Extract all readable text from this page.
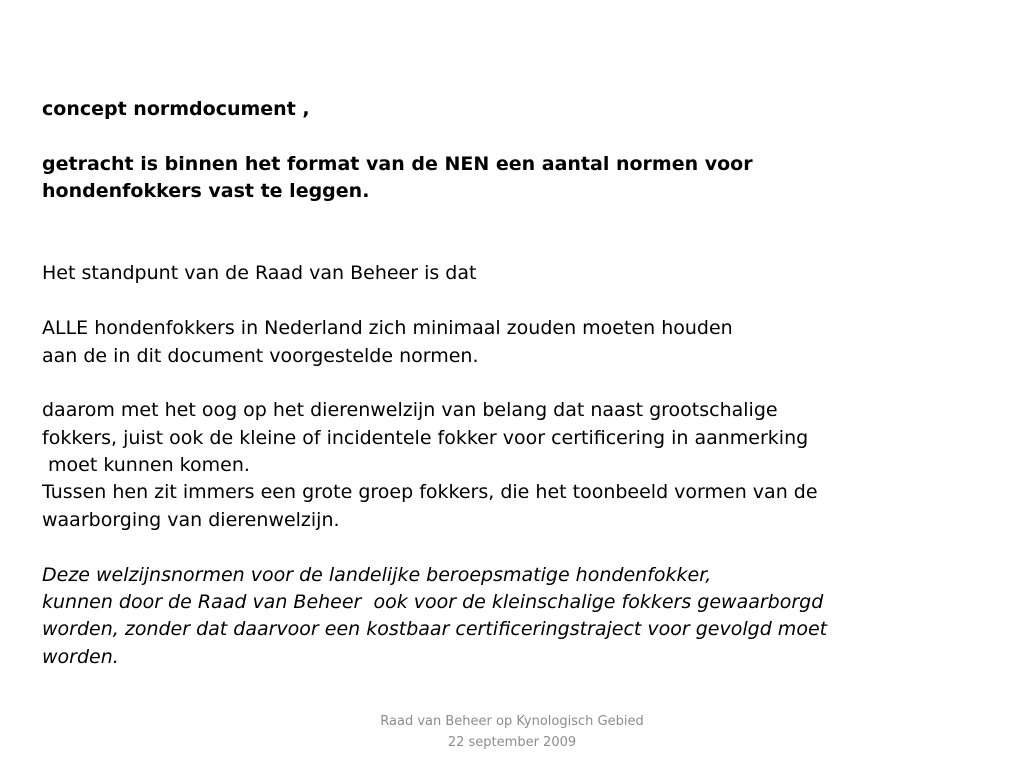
concept normdocument ,
getracht is binnen het format van de NEN een aantal normen voor
hondenfokkers vast te leggen.
Het standpunt van de Raad van Beheer is dat
ALLE hondenfokkers in Nederland zich minimaal zouden moeten houden
aan de in dit document voorgestelde normen.
daarom met het oog op het dierenwelzijn van belang dat naast grootschalige
fokkers, juist ook de kleine of incidentele fokker voor certificering in aanmerking
moet kunnen komen.
Tussen hen zit immers een grote groep fokkers, die het toonbeeld vormen van de
waarborging van dierenwelzijn.
Deze welzijnsnormen voor de landelijke beroepsmatige hondenfokker,
kunnen door de Raad van Beheer  ook voor de kleinschalige fokkers gewaarborgd
worden, zonder dat daarvoor een kostbaar certificeringstraject voor gevolgd moet
worden.
Raad van Beheer op Kynologisch Gebied
22 september 2009
